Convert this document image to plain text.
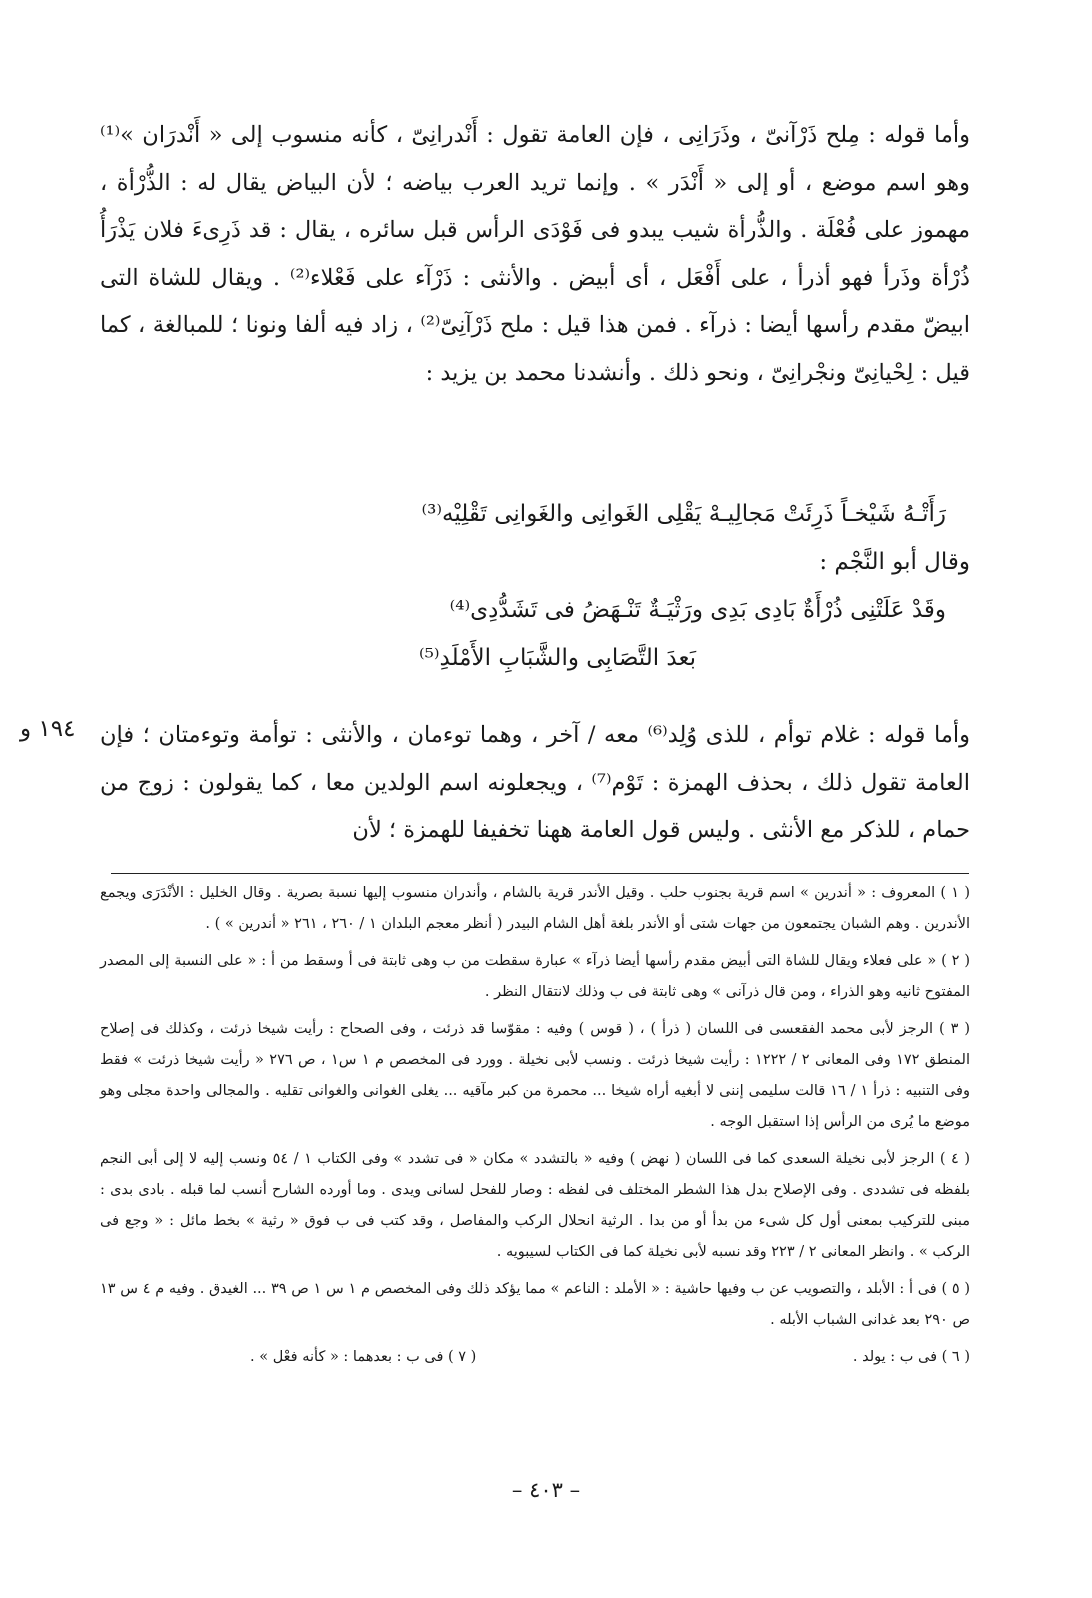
وأما قوله : مِلح ذَرْآنىّ ، وذَرَانِى ، فإن العامة تقول : أَنْدرانِىّ ، كأنه منسوب إلى « أَنْدرَان »⁽¹⁾ وهو اسم موضع ، أو إلى « أَنْدَر » . وإنما تريد العرب بياضه ؛ لأن البياض يقال له : الذُّرْأة ، مهموز على فُعْلَة . والذُّرأة شيب يبدو فى فَوْدَى الرأس قبل سائره ، يقال : قد ذَرِىءَ فلان يَذْرَأُ ذُرْأة وذَرأ فهو أذرأ ، على أَفْعَل ، أى أبيض . والأنثى : ذَرْآء على فَعْلاء⁽²⁾ . ويقال للشاة التى ابيضّ مقدم رأسها أيضا : ذرآء . فمن هذا قيل : ملح ذَرْآنِىّ⁽²⁾ ، زاد فيه ألفا ونونا ؛ للمبالغة ، كما قيل : لِحْيانِىّ ونجْرانِىّ ، ونحو ذلك . وأنشدنا محمد بن يزيد :

رَأَتْـهُ شَيْخـاً ذَرِئَتْ مَجالِيـهْ يَقْلِى الغَوانِى والغَوانِى تَقْلِيْه⁽³⁾
وقال أبو النَّجْم :
وقَدْ عَلَتْنِى ذُرْأَةٌ بَادِى بَدِى ورَثْيَـةٌ تَنْـهَضُ فى تَشَدُّدِى⁽⁴⁾
بَعدَ التَّصَابِى والشَّبَابِ الأَمْلَدِ⁽⁵⁾

وأما قوله : غلام توأم ، للذى وُلِد⁽⁶⁾ معه / آخر ، وهما توءمان ، والأنثى : توأمة وتوءمتان ؛ فإن العامة تقول ذلك ، بحذف الهمزة : تَوْم⁽⁷⁾ ، ويجعلونه اسم الولدين معا ، كما يقولون : زوج من حمام ، للذكر مع الأنثى . وليس قول العامة ههنا تخفيفا للهمزة ؛ لأن

١٩٤ و

( ١ ) المعروف : « أندرين » اسم قرية بجنوب حلب . وقيل الأندر قرية بالشام ، وأندران منسوب إليها نسبة بصرية . وقال الخليل : الأنْدَرَى ويجمع الأندرين . وهم الشبان يجتمعون من جهات شتى أو الأندر بلغة أهل الشام البيدر ( أنظر معجم البلدان ١ / ٢٦٠ ، ٢٦١ « أندرين » ) .

( ٢ ) « على فعلاء ويقال للشاة التى أبيض مقدم رأسها أيضا ذرآء » عبارة سقطت من ب وهى ثابتة فى أ وسقط من أ : « على النسبة إلى المصدر المفتوح ثانيه وهو الذراء ، ومن قال ذرآنى » وهى ثابتة فى ب وذلك لانتقال النظر .

( ٣ ) الرجز لأبى محمد الفقعسى فى اللسان ( ذرأ ) ، ( قوس ) وفيه : مقوّسا قد ذرئت ، وفى الصحاح : رأيت شيخا ذرئت ، وكذلك فى إصلاح المنطق ١٧٢ وفى المعانى ٢ / ١٢٢٢ : رأيت شيخا ذرئت . ونسب لأبى نخيلة . وورد فى المخصص م ١ س١ ، ص ٢٧٦ « رأيت شيخا ذرئت » فقط وفى التنبيه : ذرأ ١ / ١٦ قالت سليمى إننى لا أبغيه أراه شيخا ... محمرة من كبر مآقيه ... يغلى الغوانى والغوانى تقليه . والمجالى واحدة مجلى وهو موضع ما يُرى من الرأس إذا استقبل الوجه .

( ٤ ) الرجز لأبى نخيلة السعدى كما فى اللسان ( نهض ) وفيه « بالتشدد » مكان « فى تشدد » وفى الكتاب ١ / ٥٤ ونسب إليه لا إلى أبى النجم بلفظه فى تشددى . وفى الإصلاح بدل هذا الشطر المختلف فى لفظه : وصار للفحل لسانى ويدى . وما أورده الشارح أنسب لما قبله . بادى بدى : مبنى للتركيب بمعنى أول كل شىء من بدأ أو من بدا . الرثية انحلال الركب والمفاصل ، وقد كتب فى ب فوق « رثية » بخط مائل : « وجع فى الركب » . وانظر المعانى ٢ / ٢٢٣ وقد نسبه لأبى نخيلة كما فى الكتاب لسيبويه .

( ٥ ) فى أ : الأبلد ، والتصويب عن ب وفيها حاشية : « الأملد : الناعم » مما يؤكد ذلك وفى المخصص م ١ س ١ ص ٣٩ ... الغيدق . وفيه م ٤ س ١٣ ص ٢٩٠ بعد غدانى الشباب الأبله .

( ٦ ) فى ب : يولد .
( ٧ ) فى ب : بعدهما : « كأنه فعْل » .
– ٤٠٣ –
